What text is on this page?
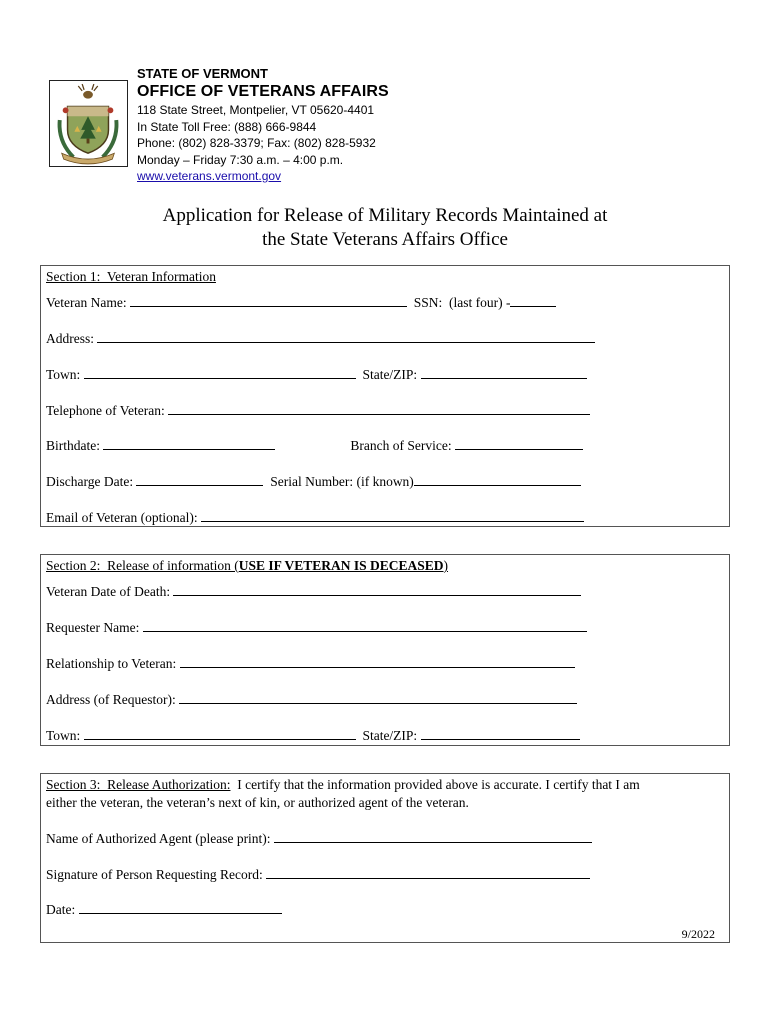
STATE OF VERMONT
OFFICE OF VETERANS AFFAIRS
118 State Street, Montpelier, VT 05620-4401
In State Toll Free: (888) 666-9844
Phone: (802) 828-3379; Fax: (802) 828-5932
Monday – Friday 7:30 a.m. – 4:00 p.m.
www.veterans.vermont.gov
Application for Release of Military Records Maintained at
the State Veterans Affairs Office
Section 1:  Veteran Information
Veteran Name:	SSN:  (last four) -
Address:
Town:	State/ZIP:
Telephone of Veteran:
Birthdate:	Branch of Service:
Discharge Date:	Serial Number: (if known)
Email of Veteran (optional):
Section 2:  Release of information (USE IF VETERAN IS DECEASED)
Veteran Date of Death:
Requester Name:
Relationship to Veteran:
Address (of Requestor):
Town:	State/ZIP:
Section 3:  Release Authorization:  I certify that the information provided above is accurate. I certify that I am
either the veteran, the veteran’s next of kin, or authorized agent of the veteran.
Name of Authorized Agent (please print):
Signature of Person Requesting Record:
Date:
9/2022
